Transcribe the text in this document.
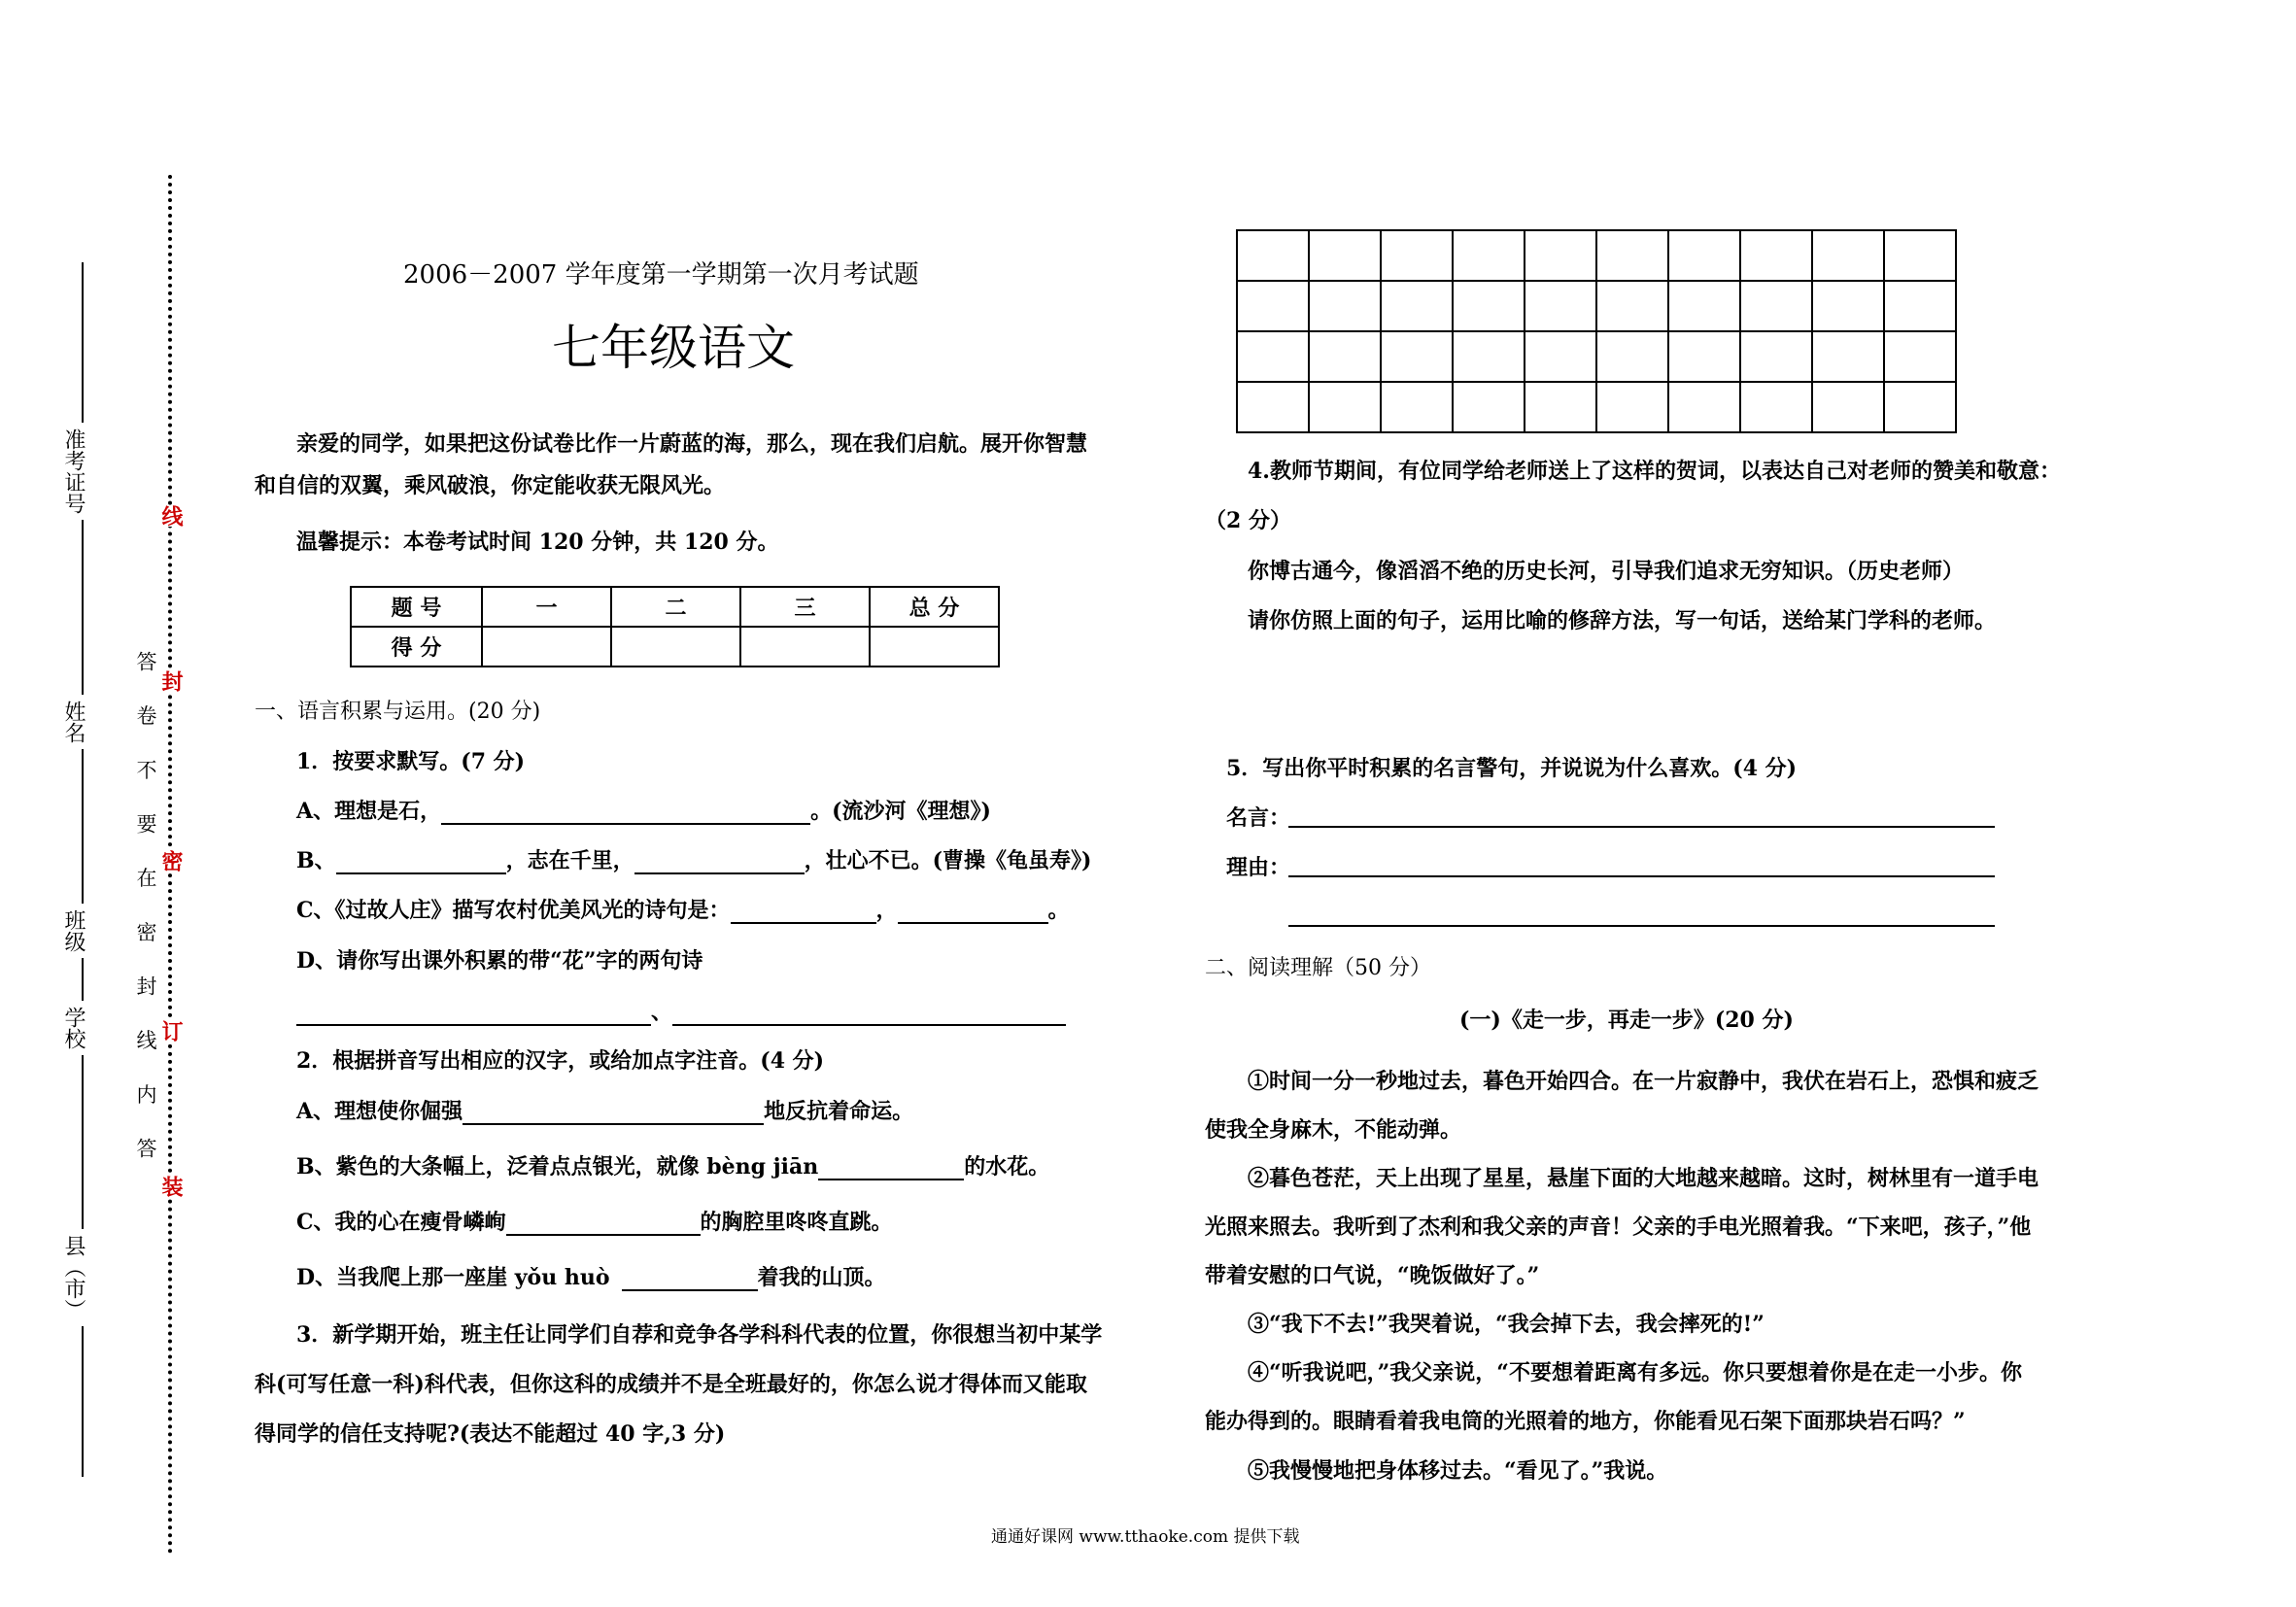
准考证号
姓名
班级
学校
县（市）
线
封
密
订
装
答 卷 不 要 在 密 封 线 内 答
2006－2007 学年度第一学期第一次月考试题
七年级语文
亲爱的同学，如果把这份试卷比作一片蔚蓝的海，那么，现在我们启航。展开你智慧
和自信的双翼，乘风破浪，你定能收获无限风光。
温馨提示：本卷考试时间 120 分钟，共 120 分。
题 号	一	二	三	总 分
得 分				
一、语言积累与运用。(20 分)
1．按要求默写。(7 分)
A、理想是石，	。(流沙河《理想》)
B、	，志在千里，	，壮心不已。(曹操《龟虽寿》)
C、《过故人庄》描写农村优美风光的诗句是：	，	。
D、请你写出课外积累的带“花”字的两句诗
、
2．根据拼音写出相应的汉字，或给加点字注音。(4 分)
A、理想使你倔强	地反抗着命运。
B、紫色的大条幅上，泛着点点银光，就像 bèng jiān	的水花。
C、我的心在瘦骨嶙峋	的胸腔里咚咚直跳。
D、当我爬上那一座崖 yǒu huò	着我的山顶。
3．新学期开始，班主任让同学们自荐和竞争各学科科代表的位置，你很想当初中某学
科(可写任意一科)科代表，但你这科的成绩并不是全班最好的，你怎么说才得体而又能取
得同学的信任支持呢?(表达不能超过 40 字,3 分)

4.教师节期间，有位同学给老师送上了这样的贺词，以表达自己对老师的赞美和敬意：
（2 分）
你博古通今，像滔滔不绝的历史长河，引导我们追求无穷知识。（历史老师）
请你仿照上面的句子，运用比喻的修辞方法，写一句话，送给某门学科的老师。
5．写出你平时积累的名言警句，并说说为什么喜欢。(4 分)
名言：
理由：
二、阅读理解（50 分）
(一)《走一步，再走一步》(20 分)
①时间一分一秒地过去，暮色开始四合。在一片寂静中，我伏在岩石上，恐惧和疲乏
使我全身麻木，不能动弹。
②暮色苍茫，天上出现了星星，悬崖下面的大地越来越暗。这时，树林里有一道手电
光照来照去。我听到了杰利和我父亲的声音！父亲的手电光照着我。“下来吧，孩子，”他
带着安慰的口气说，“晚饭做好了。”
③“我下不去!”我哭着说，“我会掉下去，我会摔死的!”
④“听我说吧，”我父亲说，“不要想着距离有多远。你只要想着你是在走一小步。你
能办得到的。眼睛看着我电筒的光照着的地方，你能看见石架下面那块岩石吗？”
⑤我慢慢地把身体移过去。“看见了。”我说。
通通好课网 www.tthaoke.com 提供下载
